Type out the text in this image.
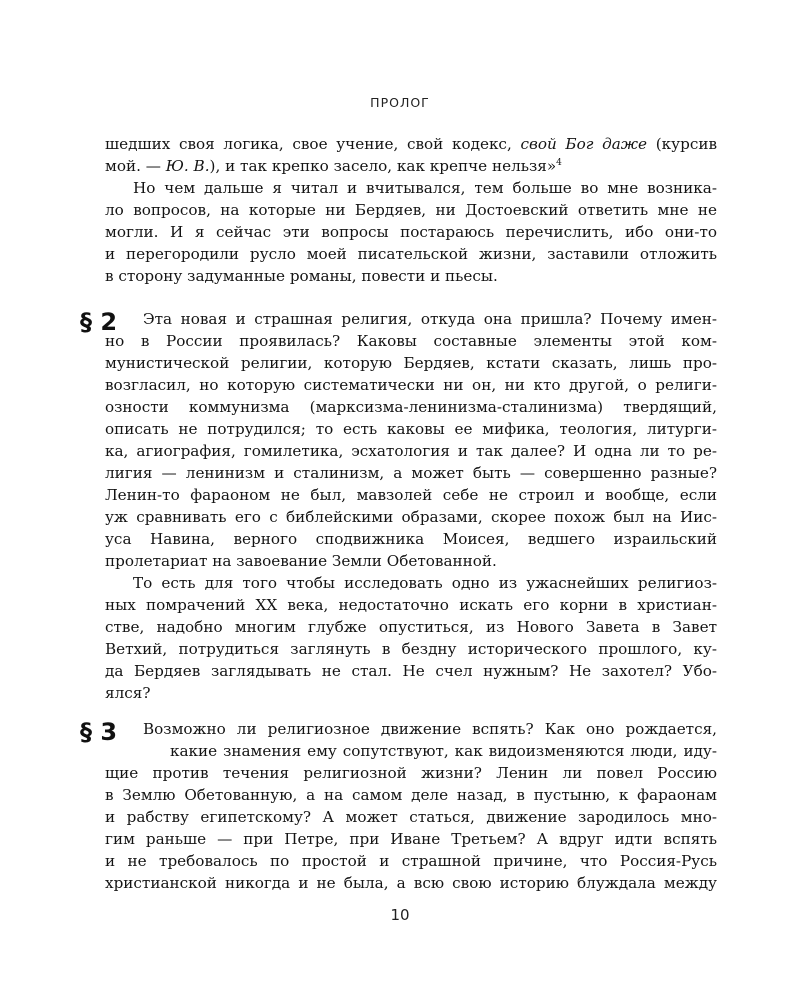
ПРОЛОГ
шедших своя логика, свое учение, свой кодекс, свой Бог даже (курсив
мой. — Ю. В.), и так крепко засело, как крепче нельзя»$^4$
Но чем дальше я читал и вчитывался, тем больше во мне возника-
ло вопросов, на которые ни Бердяев, ни Достоевский ответить мне не
могли. И я сейчас эти вопросы постараюсь перечислить, ибо они-то
и перегородили русло моей писательской жизни, заставили отложить
в сторону задуманные романы, повести и пьесы.
§ 2 Эта новая и страшная религия, откуда она пришла? Почему имен-
но в России проявилась? Каковы составные элементы этой ком-
мунистической религии, которую Бердяев, кстати сказать, лишь про-
возгласил, но которую систематически ни он, ни кто другой, о религи-
озности коммунизма (марксизма-ленинизма-сталинизма) твердящий,
описать не потрудился; то есть каковы ее мифика, теология, литурги-
ка, агиография, гомилетика, эсхатология и так далее? И одна ли то ре-
лигия — ленинизм и сталинизм, а может быть — совершенно разные?
Ленин-то фараоном не был, мавзолей себе не строил и вообще, если
уж сравнивать его с библейскими образами, скорее похож был на Иис-
уса Навина, верного сподвижника Моисея, ведшего израильский
пролетариат на завоевание Земли Обетованной.
То есть для того чтобы исследовать одно из ужаснейших религиоз-
ных помрачений XX века, недостаточно искать его корни в христиан-
стве, надобно многим глубже опуститься, из Нового Завета в Завет
Ветхий, потрудиться заглянуть в бездну исторического прошлого, ку-
да Бердяев заглядывать не стал. Не счел нужным? Не захотел? Убо-
ялся?
§ 3 Возможно ли религиозное движение вспять? Как оно рождается,
какие знамения ему сопутствуют, как видоизменяются люди, иду-
щие против течения религиозной жизни? Ленин ли повел Россию
в Землю Обетованную, а на самом деле назад, в пустыню, к фараонам
и рабству египетскому? А может статься, движение зародилось мно-
гим раньше — при Петре, при Иване Третьем? А вдруг идти вспять
и не требовалось по простой и страшной причине, что Россия-Русь
христианской никогда и не была, а всю свою историю блуждала между
10
